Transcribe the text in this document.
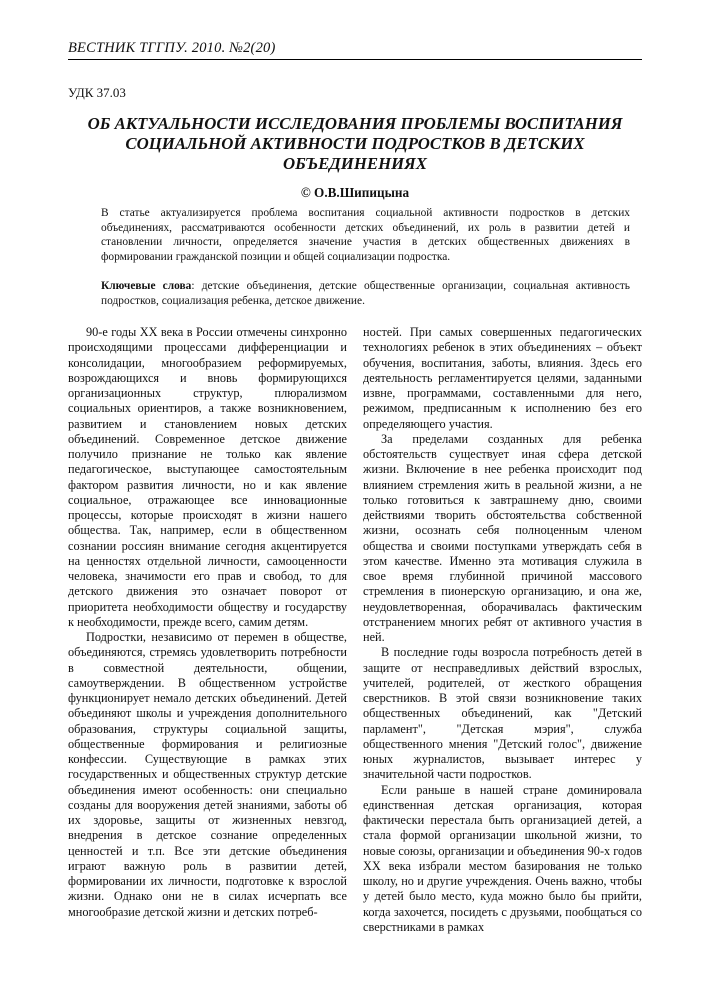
ВЕСТНИК ТГГПУ. 2010. №2(20)
УДК 37.03
ОБ АКТУАЛЬНОСТИ ИССЛЕДОВАНИЯ ПРОБЛЕМЫ ВОСПИТАНИЯ СОЦИАЛЬНОЙ АКТИВНОСТИ ПОДРОСТКОВ В ДЕТСКИХ ОБЪЕДИНЕНИЯХ
© О.В.Шипицына
В статье актуализируется проблема воспитания социальной активности подростков в детских объединениях, рассматриваются особенности детских объединений, их роль в развитии детей и становлении личности, определяется значение участия в детских общественных движениях в формировании гражданской позиции и общей социализации подростка.
Ключевые слова: детские объединения, детские общественные организации, социальная активность подростков, социализация ребенка, детское движение.

90-е годы XX века в России отмечены синхронно происходящими процессами дифференциации и консолидации, многообразием реформируемых, возрождающихся и вновь формирующихся организационных структур, плюрализмом социальных ориентиров, а также возникновением, развитием и становлением новых детских объединений. Современное детское движение получило признание не только как явление педагогическое, выступающее самостоятельным фактором развития личности, но и как явление социальное, отражающее все инновационные процессы, которые происходят в жизни нашего общества. Так, например, если в общественном сознании россиян внимание сегодня акцентируется на ценностях отдельной личности, самооценности человека, значимости его прав и свобод, то для детского движения это означает поворот от приоритета необходимости обществу и государству к необходимости, прежде всего, самим детям.

Подростки, независимо от перемен в обществе, объединяются, стремясь удовлетворить потребности в совместной деятельности, общении, самоутверждении. В общественном устройстве функционирует немало детских объединений. Детей объединяют школы и учреждения дополнительного образования, структуры социальной защиты, общественные формирования и религиозные конфессии. Существующие в рамках этих государственных и общественных структур детские объединения имеют особенность: они специально созданы для вооружения детей знаниями, заботы об их здоровье, защиты от жизненных невзгод, внедрения в детское сознание определенных ценностей и т.п. Все эти детские объединения играют важную роль в развитии детей, формировании их личности, подготовке к взрослой жизни. Однако они не в силах исчерпать все многообразие детской жизни и детских потреб-

ностей. При самых совершенных педагогических технологиях ребенок в этих объединениях – объект обучения, воспитания, заботы, влияния. Здесь его деятельность регламентируется целями, заданными извне, программами, составленными для него, режимом, предписанным к исполнению без его определяющего участия.

За пределами созданных для ребенка обстоятельств существует иная сфера детской жизни. Включение в нее ребенка происходит под влиянием стремления жить в реальной жизни, а не только готовиться к завтрашнему дню, своими действиями творить обстоятельства собственной жизни, осознать себя полноценным членом общества и своими поступками утверждать себя в этом качестве. Именно эта мотивация служила в свое время глубинной причиной массового стремления в пионерскую организацию, и она же, неудовлетворенная, оборачивалась фактическим отстранением многих ребят от активного участия в ней.

В последние годы возросла потребность детей в защите от несправедливых действий взрослых, учителей, родителей, от жесткого обращения сверстников. В этой связи возникновение таких общественных объединений, как "Детский парламент", "Детская мэрия", служба общественного мнения "Детский голос", движение юных журналистов, вызывает интерес у значительной части подростков.

Если раньше в нашей стране доминировала единственная детская организация, которая фактически перестала быть организацией детей, а стала формой организации школьной жизни, то новые союзы, организации и объединения 90-х годов XX века избрали местом базирования не только школу, но и другие учреждения. Очень важно, чтобы у детей было место, куда можно было бы прийти, когда захочется, посидеть с друзьями, пообщаться со сверстниками в рамках
